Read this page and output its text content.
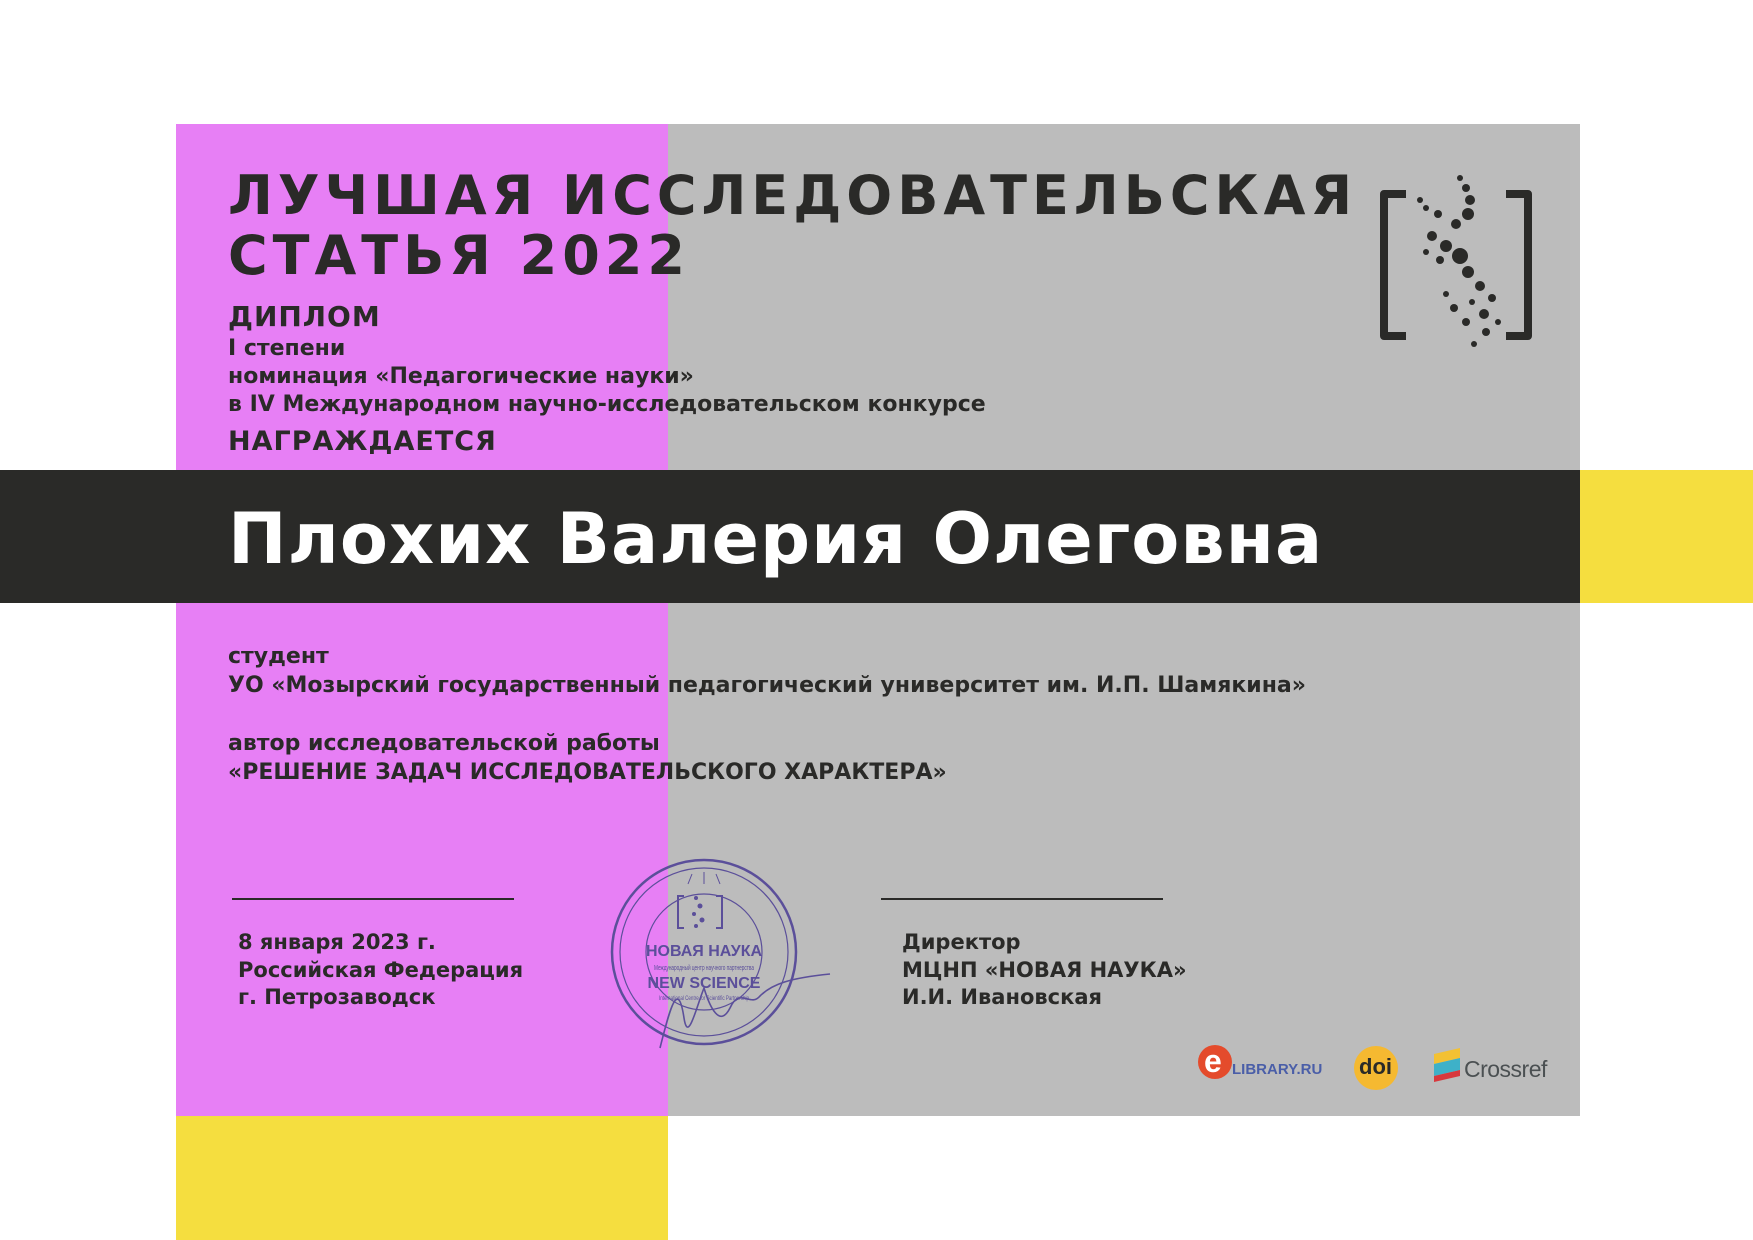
ЛУЧШАЯ ИССЛЕДОВАТЕЛЬСКАЯ
СТАТЬЯ 2022
ДИПЛОМ
I степени
номинация «Педагогические науки»
в IV Международном научно-исследовательском конкурсе
НАГРАЖДАЕТСЯ
Плохих Валерия Олеговна
студент
УО «Мозырский государственный педагогический университет им. И.П. Шамякина»
автор исследовательской работы
«РЕШЕНИЕ ЗАДАЧ ИССЛЕДОВАТЕЛЬСКОГО ХАРАКТЕРА»
8 января 2023 г.
Российская Федерация
г. Петрозаводск
Директор
МЦНП «НОВАЯ НАУКА»
И.И. Ивановская
НОВАЯ НАУКА
Международный центр научного партнерства
NEW SCIENCE
International Centre for Scientific Partnership
e LIBRARY.RU doi	Crossref
